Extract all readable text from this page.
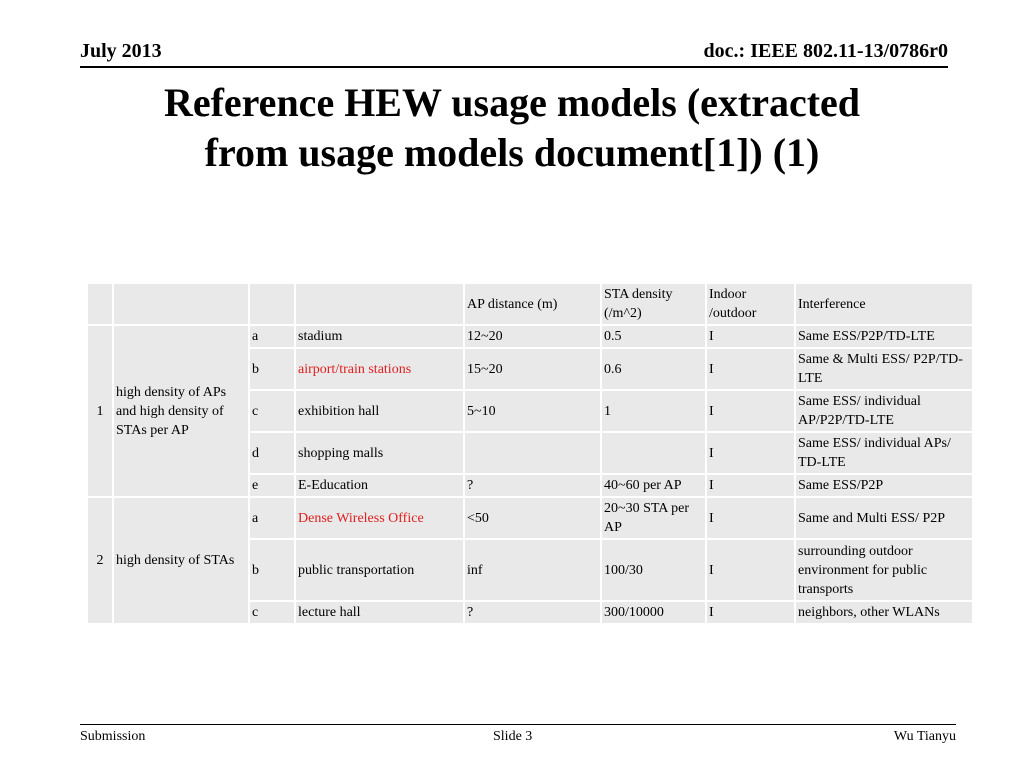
July 2013	doc.: IEEE 802.11-13/0786r0
Reference HEW usage models (extracted
from usage models document[1]) (1)
				AP distance (m)	STA density (/m^2)	Indoor /outdoor	Interference
1	high density of APs and high density of STAs per AP	a	stadium	12~20	0.5	I	Same ESS/P2P/TD-LTE
		b	airport/train stations	15~20	0.6	I	Same & Multi ESS/ P2P/TD-LTE
		c	exhibition hall	5~10	1	I	Same ESS/ individual AP/P2P/TD-LTE
		d	shopping malls			I	Same ESS/ individual APs/ TD-LTE
		e	E-Education	?	40~60 per AP	I	Same ESS/P2P
2	high density of STAs	a	Dense Wireless Office	<50	20~30 STA per AP	I	Same and Multi ESS/ P2P
		b	public transportation	inf	100/30	I	surrounding outdoor environment for public transports
		c	lecture hall	?	300/10000	I	neighbors, other WLANs
Submission	Slide 3	Wu Tianyu
